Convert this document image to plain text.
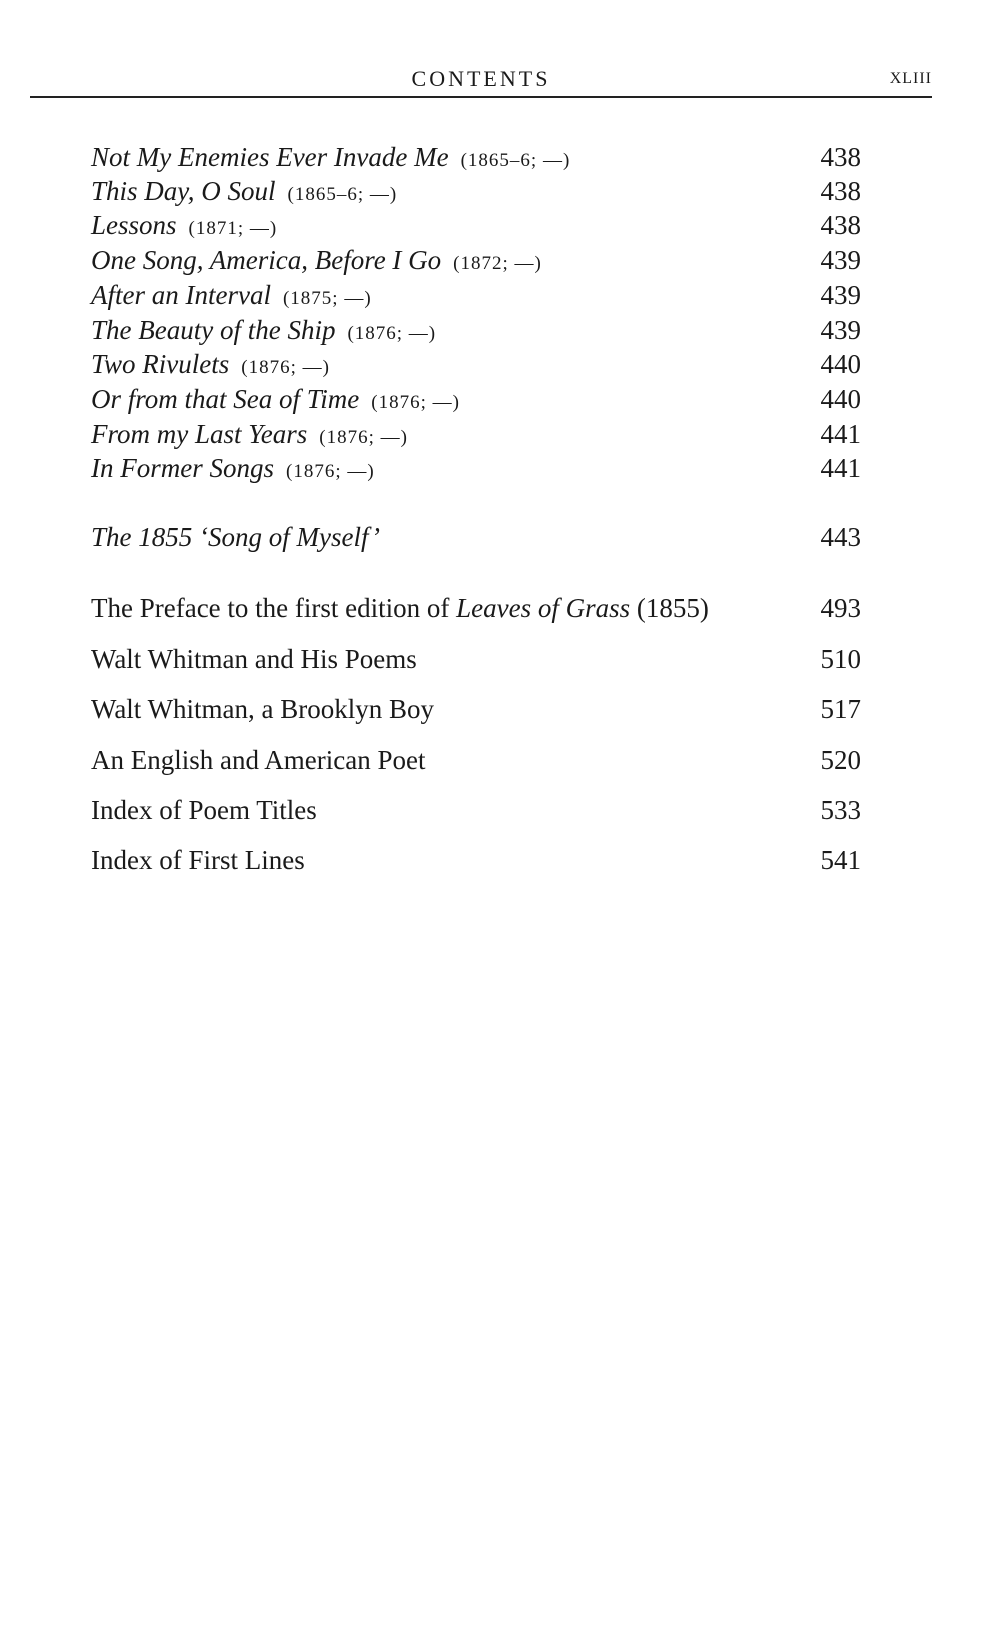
CONTENTS	XLIII
Not My Enemies Ever Invade Me (1865–6; —)	438
This Day, O Soul (1865–6; —)	438
Lessons (1871; —)	438
One Song, America, Before I Go (1872; —)	439
After an Interval (1875; —)	439
The Beauty of the Ship (1876; —)	439
Two Rivulets (1876; —)	440
Or from that Sea of Time (1876; —)	440
From my Last Years (1876; —)	441
In Former Songs (1876; —)	441
The 1855 ‘Song of Myself’	443
The Preface to the first edition of Leaves of Grass (1855)	493
Walt Whitman and His Poems	510
Walt Whitman, a Brooklyn Boy	517
An English and American Poet	520
Index of Poem Titles	533
Index of First Lines	541
